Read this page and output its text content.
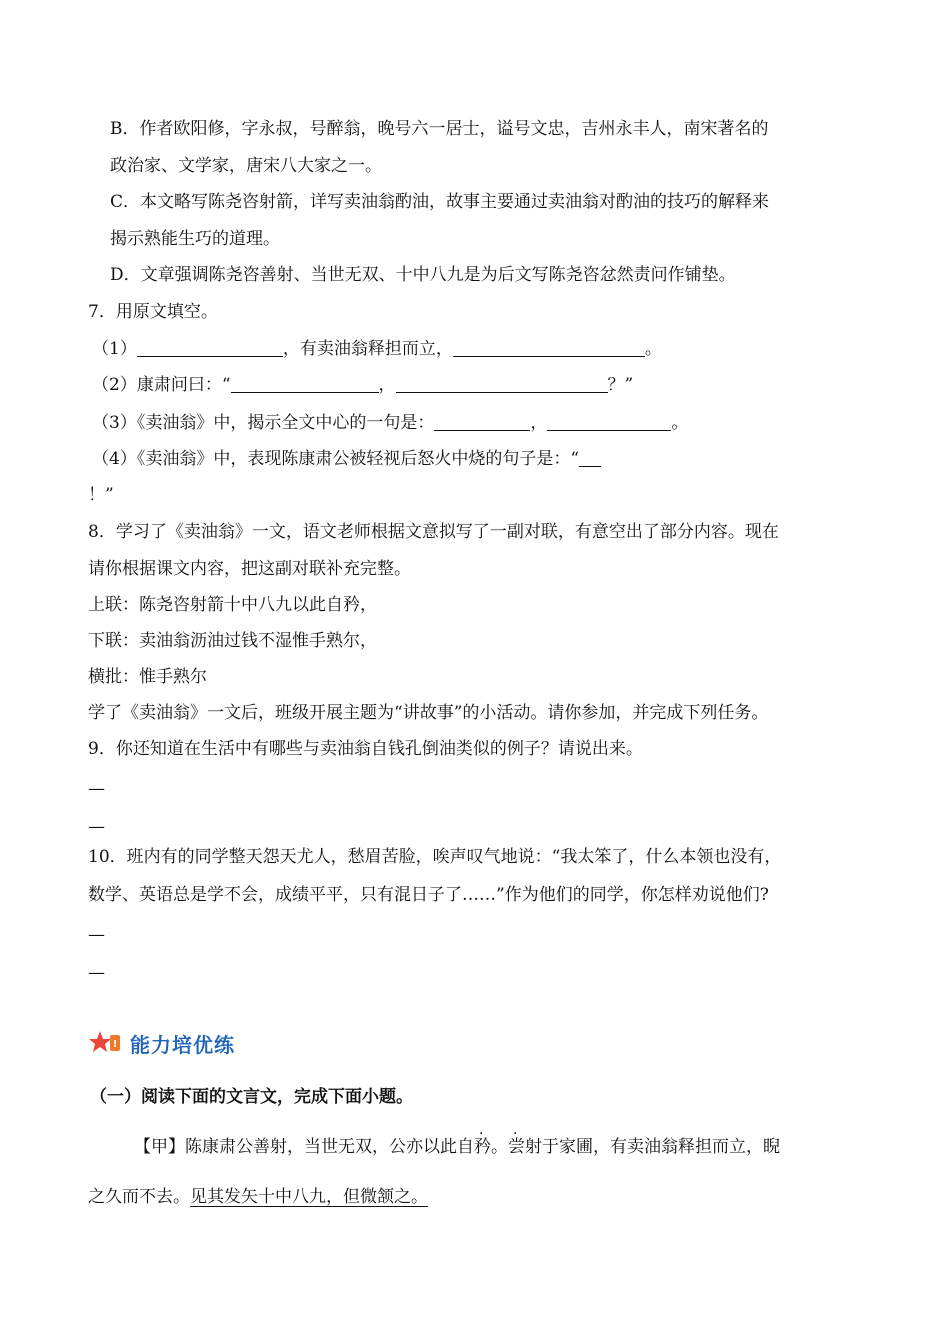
B．作者欧阳修，字永叔，号醉翁，晚号六一居士，谥号文忠，吉州永丰人，南宋著名的
政治家、文学家，唐宋八大家之一。
C．本文略写陈尧咨射箭，详写卖油翁酌油，故事主要通过卖油翁对酌油的技巧的解释来
揭示熟能生巧的道理。
D．文章强调陈尧咨善射、当世无双、十中八九是为后文写陈尧咨忿然责问作铺垫。
7．用原文填空。
（1）	，有卖油翁释担而立，	。
（2）康肃问曰：“	，	？”
（3）《卖油翁》中，揭示全文中心的一句是：	，	。
（4）《卖油翁》中，表现陈康肃公被轻视后怒火中烧的句子是：“
！”
8．学习了《卖油翁》一文，语文老师根据文意拟写了一副对联，有意空出了部分内容。现在
请你根据课文内容，把这副对联补充完整。
上联：陈尧咨射箭十中八九以此自矜，
下联：卖油翁沥油过钱不湿惟手熟尔，
横批：惟手熟尔
学了《卖油翁》一文后，班级开展主题为“讲故事”的小活动。请你参加，并完成下列任务。
9．你还知道在生活中有哪些与卖油翁自钱孔倒油类似的例子？请说出来。
—
—
10．班内有的同学整天怨天尤人，愁眉苦脸，唉声叹气地说：“我太笨了，什么本领也没有，
数学、英语总是学不会，成绩平平，只有混日子了……”作为他们的同学，你怎样劝说他们?
—
—
! 能力培优练
（一）阅读下面的文言文，完成下面小题。
【甲】陈康肃公善射，当世无双，公亦以此自矜。尝射于家圃，有卖油翁释担而立，睨
之久而不去。见其发矢十中八九，但微颔之。
